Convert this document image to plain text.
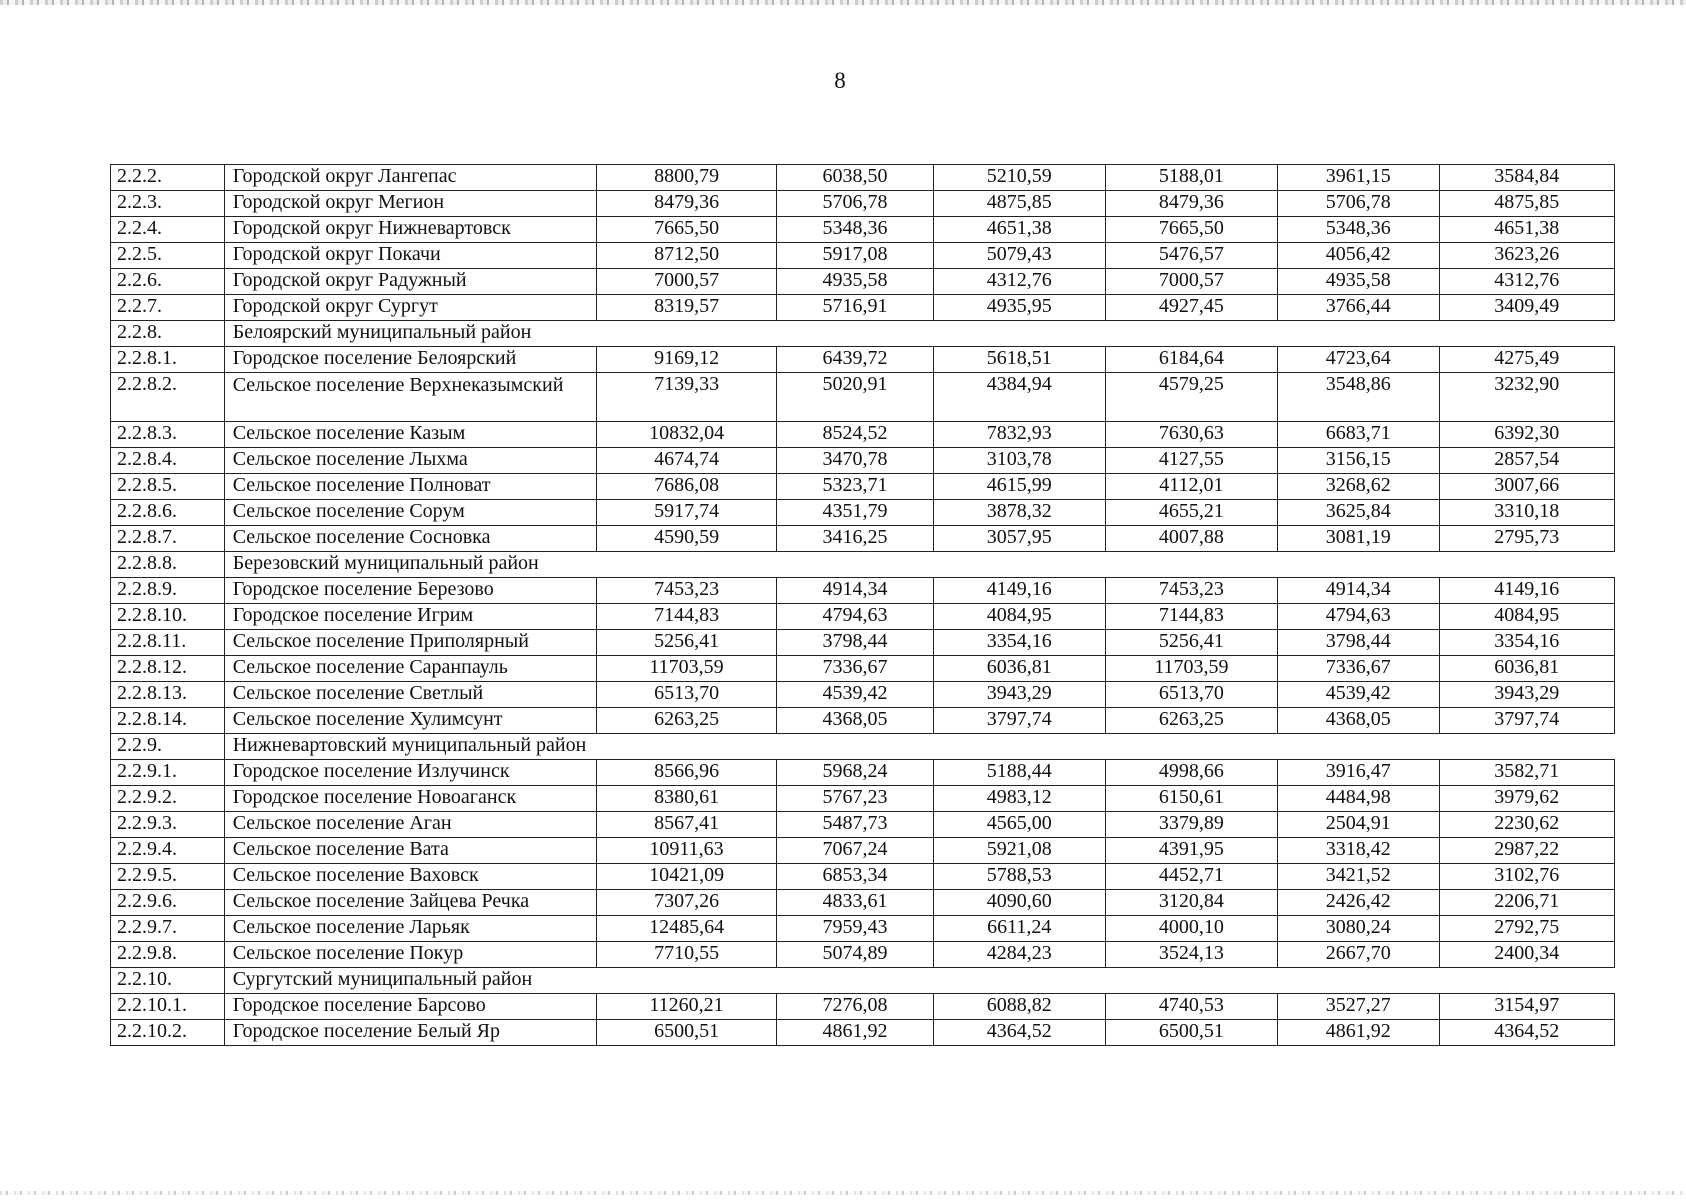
8
2.2.2.	Городской округ Лангепас	8800,79	6038,50	5210,59	5188,01	3961,15	3584,84
2.2.3.	Городской округ Мегион	8479,36	5706,78	4875,85	8479,36	5706,78	4875,85
2.2.4.	Городской округ Нижневартовск	7665,50	5348,36	4651,38	7665,50	5348,36	4651,38
2.2.5.	Городской округ Покачи	8712,50	5917,08	5079,43	5476,57	4056,42	3623,26
2.2.6.	Городской округ Радужный	7000,57	4935,58	4312,76	7000,57	4935,58	4312,76
2.2.7.	Городской округ Сургут	8319,57	5716,91	4935,95	4927,45	3766,44	3409,49
2.2.8.	Белоярский муниципальный район						
2.2.8.1.	Городское поселение Белоярский	9169,12	6439,72	5618,51	6184,64	4723,64	4275,49
2.2.8.2.	Сельское поселение Верхнеказымский	7139,33	5020,91	4384,94	4579,25	3548,86	3232,90
2.2.8.3.	Сельское поселение Казым	10832,04	8524,52	7832,93	7630,63	6683,71	6392,30
2.2.8.4.	Сельское поселение Лыхма	4674,74	3470,78	3103,78	4127,55	3156,15	2857,54
2.2.8.5.	Сельское поселение Полноват	7686,08	5323,71	4615,99	4112,01	3268,62	3007,66
2.2.8.6.	Сельское поселение Сорум	5917,74	4351,79	3878,32	4655,21	3625,84	3310,18
2.2.8.7.	Сельское поселение Сосновка	4590,59	3416,25	3057,95	4007,88	3081,19	2795,73
2.2.8.8.	Березовский муниципальный район						
2.2.8.9.	Городское поселение Березово	7453,23	4914,34	4149,16	7453,23	4914,34	4149,16
2.2.8.10.	Городское поселение Игрим	7144,83	4794,63	4084,95	7144,83	4794,63	4084,95
2.2.8.11.	Сельское поселение Приполярный	5256,41	3798,44	3354,16	5256,41	3798,44	3354,16
2.2.8.12.	Сельское поселение Саранпауль	11703,59	7336,67	6036,81	11703,59	7336,67	6036,81
2.2.8.13.	Сельское поселение Светлый	6513,70	4539,42	3943,29	6513,70	4539,42	3943,29
2.2.8.14.	Сельское поселение Хулимсунт	6263,25	4368,05	3797,74	6263,25	4368,05	3797,74
2.2.9.	Нижневартовский муниципальный район						
2.2.9.1.	Городское поселение Излучинск	8566,96	5968,24	5188,44	4998,66	3916,47	3582,71
2.2.9.2.	Городское поселение Новоаганск	8380,61	5767,23	4983,12	6150,61	4484,98	3979,62
2.2.9.3.	Сельское поселение Аган	8567,41	5487,73	4565,00	3379,89	2504,91	2230,62
2.2.9.4.	Сельское поселение Вата	10911,63	7067,24	5921,08	4391,95	3318,42	2987,22
2.2.9.5.	Сельское поселение Ваховск	10421,09	6853,34	5788,53	4452,71	3421,52	3102,76
2.2.9.6.	Сельское поселение Зайцева Речка	7307,26	4833,61	4090,60	3120,84	2426,42	2206,71
2.2.9.7.	Сельское поселение Ларьяк	12485,64	7959,43	6611,24	4000,10	3080,24	2792,75
2.2.9.8.	Сельское поселение Покур	7710,55	5074,89	4284,23	3524,13	2667,70	2400,34
2.2.10.	Сургутский муниципальный район						
2.2.10.1.	Городское поселение Барсово	11260,21	7276,08	6088,82	4740,53	3527,27	3154,97
2.2.10.2.	Городское поселение Белый Яр	6500,51	4861,92	4364,52	6500,51	4861,92	4364,52
